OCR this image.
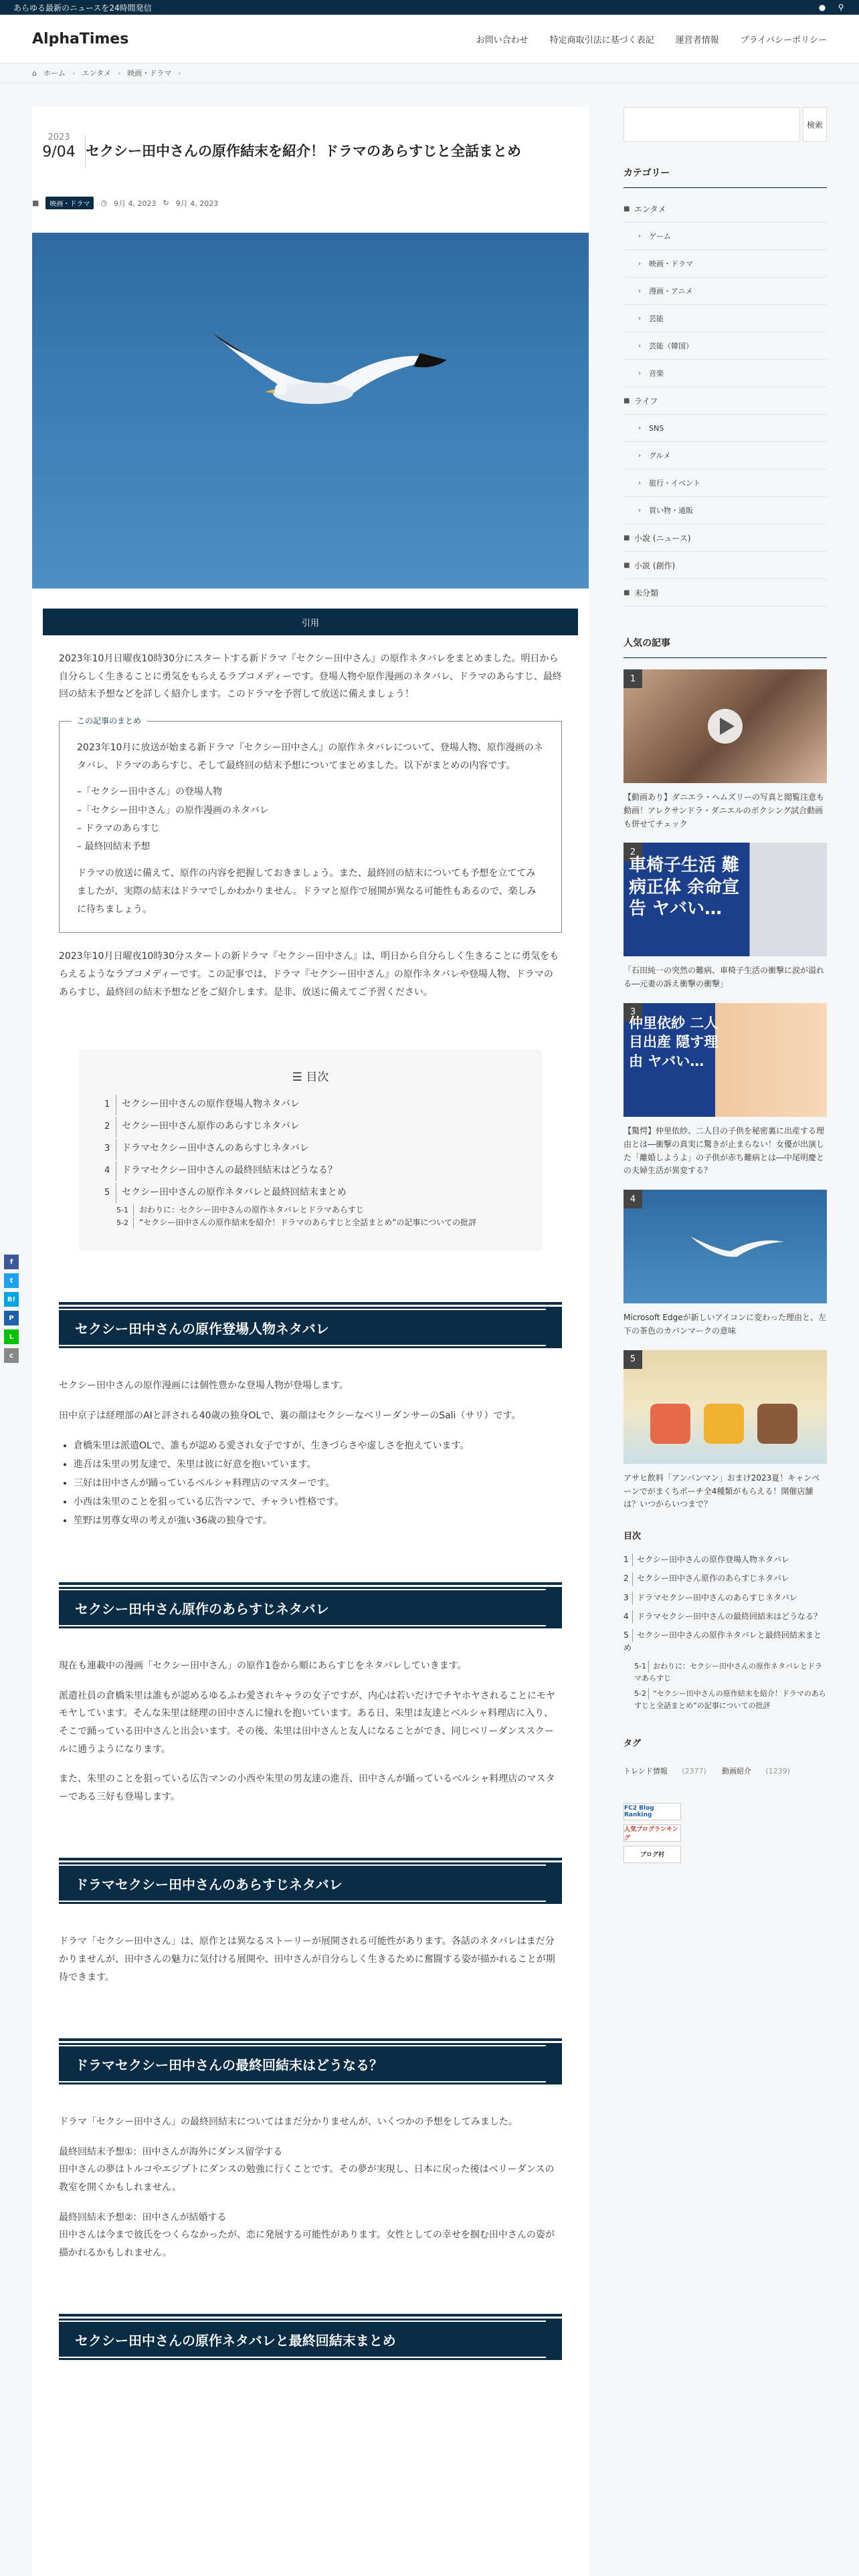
あらゆる最新のニュースを24時間発信	● ⚲
AlphaTimes	お問い合わせ 特定商取引法に基づく表記 運営者情報 プライバシーポリシー
⌂ ホーム › エンタメ › 映画・ドラマ ›
2023
9/04 セクシー田中さんの原作結末を紹介！ドラマのあらすじと全話まとめ
■	映画・ドラマ	◷ 9月 4, 2023 ↻ 9月 4, 2023
引用

2023年10月日曜夜10時30分にスタートする新ドラマ『セクシー田中さん』の原作ネタバレをまとめました。明日から自分らしく生きることに勇気をもらえるラブコメディーです。登場人物や原作漫画のネタバレ、ドラマのあらすじ、最終回の結末予想などを詳しく紹介します。このドラマを予習して放送に備えましょう！

この記事のまとめ

2023年10月に放送が始まる新ドラマ『セクシー田中さん』の原作ネタバレについて、登場人物、原作漫画のネタバレ、ドラマのあらすじ、そして最終回の結末予想についてまとめました。以下がまとめの内容です。

–「セクシー田中さん」の登場人物

–「セクシー田中さん」の原作漫画のネタバレ

– ドラマのあらすじ

– 最終回結末予想

ドラマの放送に備えて、原作の内容を把握しておきましょう。また、最終回の結末についても予想を立ててみましたが、実際の結末はドラマでしかわかりません。ドラマと原作で展開が異なる可能性もあるので、楽しみに待ちましょう。

2023年10月日曜夜10時30分スタートの新ドラマ『セクシー田中さん』は、明日から自分らしく生きることに勇気をもらえるようなラブコメディーです。この記事では、ドラマ『セクシー田中さん』の原作ネタバレや登場人物、ドラマのあらすじ、最終回の結末予想などをご紹介します。是非、放送に備えてご予習ください。

☰ 目次
1 セクシー田中さんの原作登場人物ネタバレ
2 セクシー田中さん原作のあらすじネタバレ
3 ドラマセクシー田中さんのあらすじネタバレ
4 ドラマセクシー田中さんの最終回結末はどうなる？
5 セクシー田中さんの原作ネタバレと最終回結末まとめ
5-1 おわりに：セクシー田中さんの原作ネタバレとドラマあらすじ
5-2 “セクシー田中さんの原作結末を紹介！ドラマのあらすじと全話まとめ”の記事についての批評
セクシー田中さんの原作登場人物ネタバレ

セクシー田中さんの原作漫画には個性豊かな登場人物が登場します。

田中京子は経理部のAIと評される40歳の独身OLで、裏の顔はセクシーなベリーダンサーのSali（サリ）です。

• 倉橋朱里は派遣OLで、誰もが認める愛され女子ですが、生きづらさや虚しさを抱えています。
• 進吾は朱里の男友達で、朱里は彼に好意を抱いています。
• 三好は田中さんが踊っているベルシャ料理店のマスターです。
• 小西は朱里のことを狙っている広告マンで、チャラい性格です。
• 笙野は男尊女卑の考えが強い36歳の独身です。
セクシー田中さん原作のあらすじネタバレ

現在も連載中の漫画「セクシー田中さん」の原作1巻から順にあらすじをネタバレしていきます。

派遣社員の倉橋朱里は誰もが認めるゆるふわ愛されキャラの女子ですが、内心は若いだけでチヤホヤされることにモヤモヤしています。そんな朱里は経理の田中さんに憧れを抱いています。ある日、朱里は友達とベルシャ料理店に入り、そこで踊っている田中さんと出会います。その後、朱里は田中さんと友人になることができ、同じベリーダンススクールに通うようになります。

また、朱里のことを狙っている広告マンの小西や朱里の男友達の進吾、田中さんが踊っているベルシャ料理店のマスターである三好も登場します。

ドラマセクシー田中さんのあらすじネタバレ

ドラマ「セクシー田中さん」は、原作とは異なるストーリーが展開される可能性があります。各話のネタバレはまだ分かりませんが、田中さんの魅力に気付ける展開や、田中さんが自分らしく生きるために奮闘する姿が描かれることが期待できます。

ドラマセクシー田中さんの最終回結末はどうなる？

ドラマ「セクシー田中さん」の最終回結末についてはまだ分かりませんが、いくつかの予想をしてみました。

最終回結末予想①：田中さんが海外にダンス留学する
田中さんの夢はトルコやエジプトにダンスの勉強に行くことです。その夢が実現し、日本に戻った後はベリーダンスの教室を開くかもしれません。

最終回結末予想②：田中さんが結婚する
田中さんは今まで彼氏をつくらなかったが、恋に発展する可能性があります。女性としての幸せを掴む田中さんの姿が描かれるかもしれません。

セクシー田中さんの原作ネタバレと最終回結末まとめ
f
t
B!
P
L
c
検索
カテゴリー
■ エンタメ
›	ゲーム
›	映画・ドラマ
›	漫画・アニメ
›	芸能
›	芸能（韓国）
›	音楽
■ ライフ
›	SNS
›	グルメ
›	旅行・イベント
›	買い物・通販
■ 小說 (ニュース)
■ 小説 (創作)
■ 未分類
人気の記事
1

【動画あり】ダニエラ・ヘムズリーの写真と閲覧注意も動画！アレクサンドラ・ダニエルのボクシング試合動画も併せてチェック

2
車椅子生活 難病正体 余命宣告 ヤバい…

「石田純一の突然の難病、車椅子生活の衝撃に涙が溢れる―元妻の訴え衝撃の衝撃」

3
仲里依紗 二人目出産 隠す理由 ヤバい…

【驚愕】仲里依紗、二人目の子供を秘密裏に出産する理由とは―衝撃の真実に驚きが止まらない！女優が出演した「離婚しようよ」の子供が赤ち難病とは―中尾明慶との夫婦生活が異変する？

4

Microsoft Edgeが新しいアイコンに変わった理由と、左下の茶色のカバンマークの意味

5

アサヒ飲料「アンパンマン」おまけ2023夏！キャンペーンでがまくちポーチ全4種類がもらえる！開催店舗は？いつからいつまで？

目次
1 セクシー田中さんの原作登場人物ネタバレ
2 セクシー田中さん原作のあらすじネタバレ
3 ドラマセクシー田中さんのあらすじネタバレ
4 ドラマセクシー田中さんの最終回結末はどうなる？
5 セクシー田中さんの原作ネタバレと最終回結末まとめ
5-1 おわりに：セクシー田中さんの原作ネタバレとドラマあらすじ
5-2 “セクシー田中さんの原作結末を紹介！ドラマのあらすじと全話まとめ”の記事についての批評
タグ
トレンド情報 (2377) 動画紹介 (1239)
FC2 Blog Ranking
人気ブログランキング
ブログ村
